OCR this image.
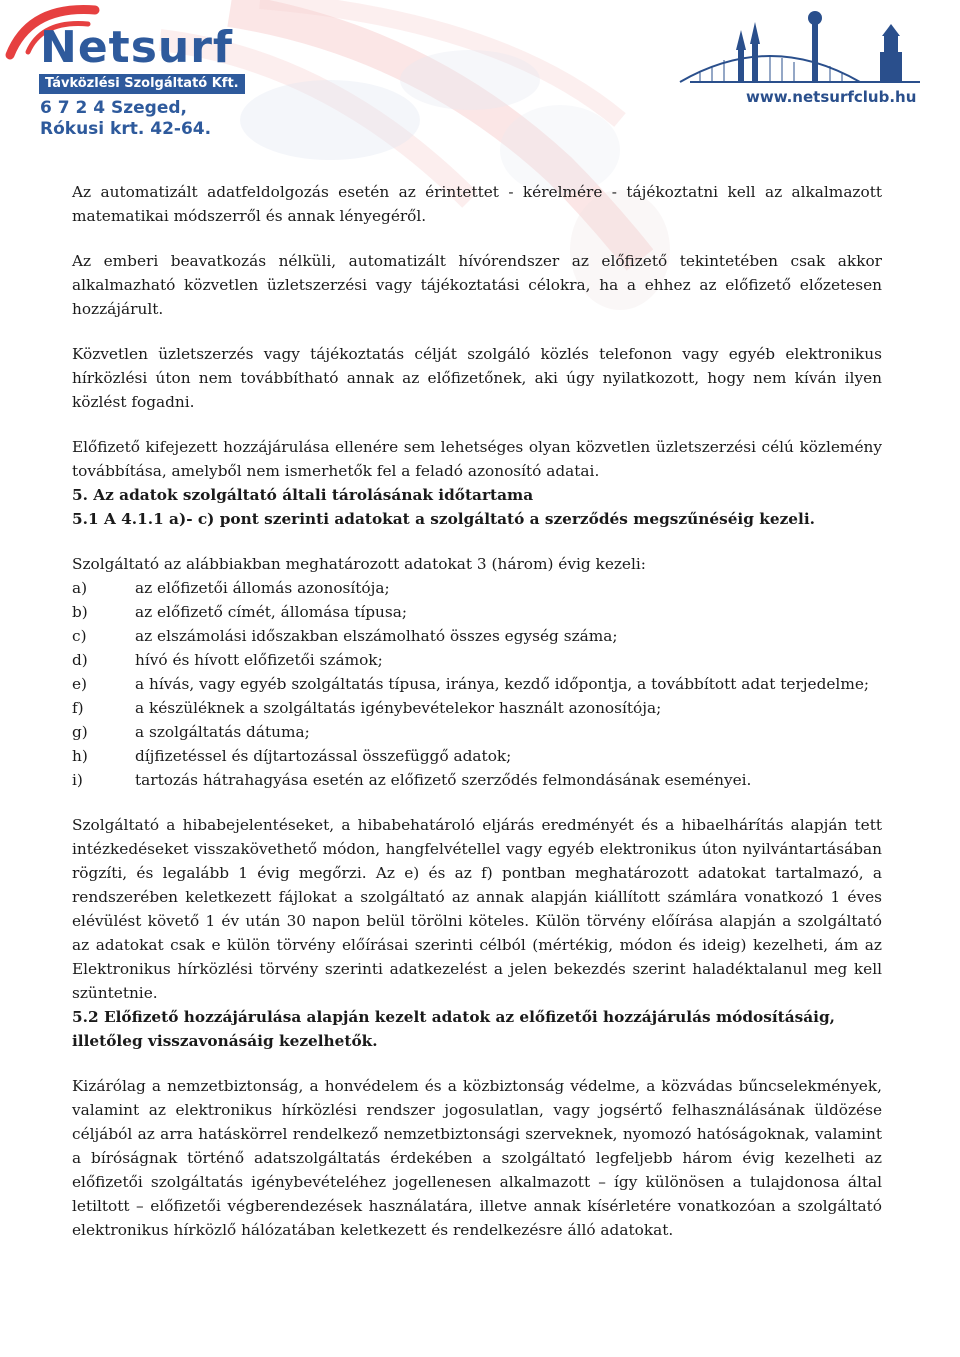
Netsurf
Távközlési Szolgáltató Kft.
6 7 2 4 Szeged,
Rókusi krt. 42-64.
www.netsurfclub.hu

Az automatizált adatfeldolgozás esetén az érintettet - kérelmére - tájékoztatni kell az alkalmazott matematikai módszerről és annak lényegéről.

Az emberi beavatkozás nélküli, automatizált hívórendszer az előfizető tekintetében csak akkor alkalmazható közvetlen üzletszerzési vagy tájékoztatási célokra, ha a ehhez az előfizető előzetesen hozzájárult.

Közvetlen üzletszerzés vagy tájékoztatás célját szolgáló közlés telefonon vagy egyéb elektronikus hírközlési úton nem továbbítható annak az előfizetőnek, aki úgy nyilatkozott, hogy nem kíván ilyen közlést fogadni.

Előfizető kifejezett hozzájárulása ellenére sem lehetséges olyan közvetlen üzletszerzési célú közlemény továbbítása, amelyből nem ismerhetők fel a feladó azonosító adatai.

5. Az adatok szolgáltató általi tárolásának időtartama

5.1 A 4.1.1 a)- c) pont szerinti adatokat a szolgáltató a szerződés megszűnéséig kezeli.

Szolgáltató az alábbiakban meghatározott adatokat 3 (három) évig kezeli:

a)	az előfizetői állomás azonosítója;
b)	az előfizető címét, állomása típusa;
c)	az elszámolási időszakban elszámolható összes egység száma;
d)	hívó és hívott előfizetői számok;
e)	a hívás, vagy egyéb szolgáltatás típusa, iránya, kezdő időpontja, a továbbított adat terjedelme;
f)	a készüléknek a szolgáltatás igénybevételekor használt azonosítója;
g)	a szolgáltatás dátuma;
h)	díjfizetéssel és díjtartozással összefüggő adatok;
i)	tartozás hátrahagyása esetén az előfizető szerződés felmondásának eseményei.

Szolgáltató a hibabejelentéseket, a hibabehatároló eljárás eredményét és a hibaelhárítás alapján tett intézkedéseket visszakövethető módon, hangfelvétellel vagy egyéb elektronikus úton nyilvántartásában rögzíti, és legalább 1 évig megőrzi. Az e) és az f) pontban meghatározott adatokat tartalmazó, a rendszerében keletkezett fájlokat a szolgáltató az annak alapján kiállított számlára vonatkozó 1 éves elévülést követő 1 év után 30 napon belül törölni köteles. Külön törvény előírása alapján a szolgáltató az adatokat csak e külön törvény előírásai szerinti célból (mértékig, módon és ideig) kezelheti, ám az Elektronikus hírközlési törvény szerinti adatkezelést a jelen bekezdés szerint haladéktalanul meg kell szüntetnie.

5.2 Előfizető hozzájárulása alapján kezelt adatok az előfizetői hozzájárulás módosításáig, illetőleg visszavonásáig kezelhetők.

Kizárólag a nemzetbiztonság, a honvédelem és a közbiztonság védelme, a közvádas bűncselekmények, valamint az elektronikus hírközlési rendszer jogosulatlan, vagy jogsértő felhasználásának üldözése céljából az arra hatáskörrel rendelkező nemzetbiztonsági szerveknek, nyomozó hatóságoknak, valamint a bíróságnak történő adatszolgáltatás érdekében a szolgáltató legfeljebb három évig kezelheti az előfizetői szolgáltatás igénybevételéhez jogellenesen alkalmazott – így különösen a tulajdonosa által letiltott – előfizetői végberendezések használatára, illetve annak kísérletére vonatkozóan a szolgáltató elektronikus hírközlő hálózatában keletkezett és rendelkezésre álló adatokat.
